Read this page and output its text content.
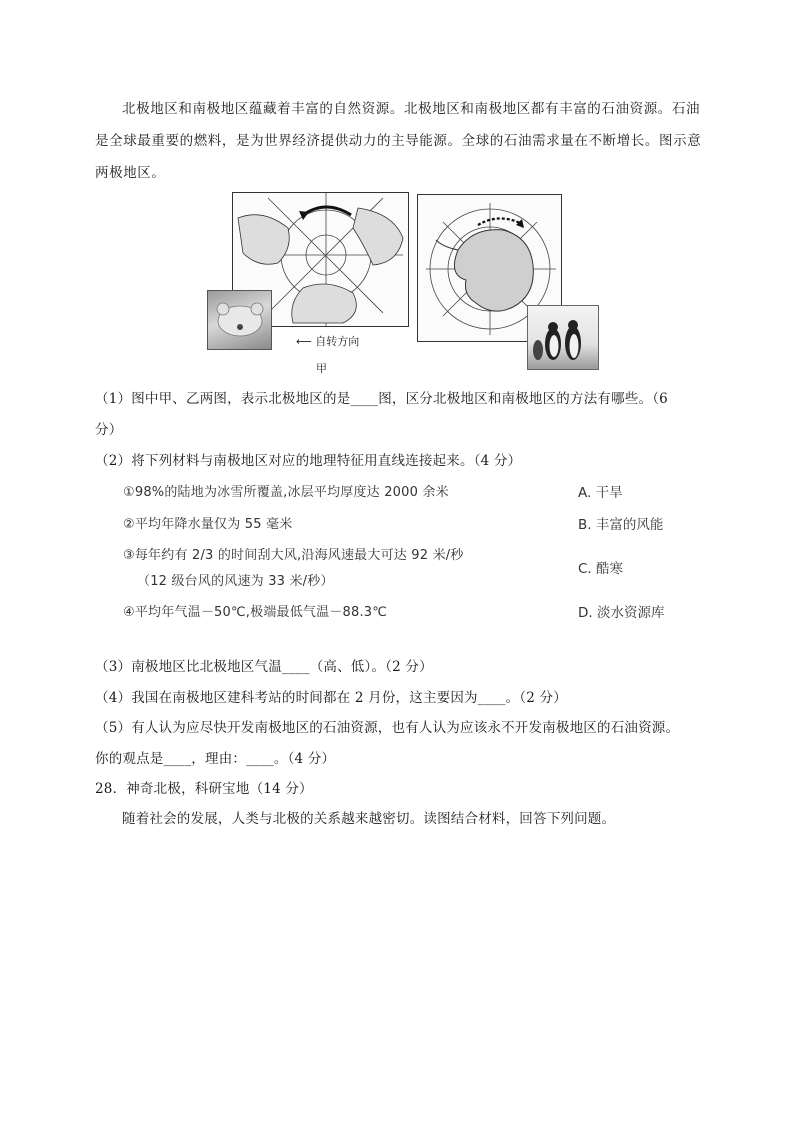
北极地区和南极地区蕴藏着丰富的自然资源。北极地区和南极地区都有丰富的石油资源。石油
是全球最重要的燃料，是为世界经济提供动力的主导能源。全球的石油需求量在不断增长。图示意
两极地区。
⟵ 自转方向
甲
（1）图中甲、乙两图，表示北极地区的是____图，区分北极地区和南极地区的方法有哪些。（6
分）
（2）将下列材料与南极地区对应的地理特征用直线连接起来。（4 分）
①98%的陆地为冰雪所覆盖,冰层平均厚度达 2000 余米
②平均年降水量仅为 55 毫米
③每年约有 2/3 的时间刮大风,沿海风速最大可达 92 米/秒
（12 级台风的风速为 33 米/秒）
④平均年气温－50℃,极端最低气温－88.3℃
A. 干旱
B. 丰富的风能
C. 酷寒
D. 淡水资源库
（3）南极地区比北极地区气温____（高、低）。（2 分）
（4）我国在南极地区建科考站的时间都在 2 月份，这主要因为____。（2 分）
（5）有人认为应尽快开发南极地区的石油资源，也有人认为应该永不开发南极地区的石油资源。
你的观点是____，理由：____。（4 分）
28．神奇北极，科研宝地（14 分）
随着社会的发展，人类与北极的关系越来越密切。读图结合材料，回答下列问题。
